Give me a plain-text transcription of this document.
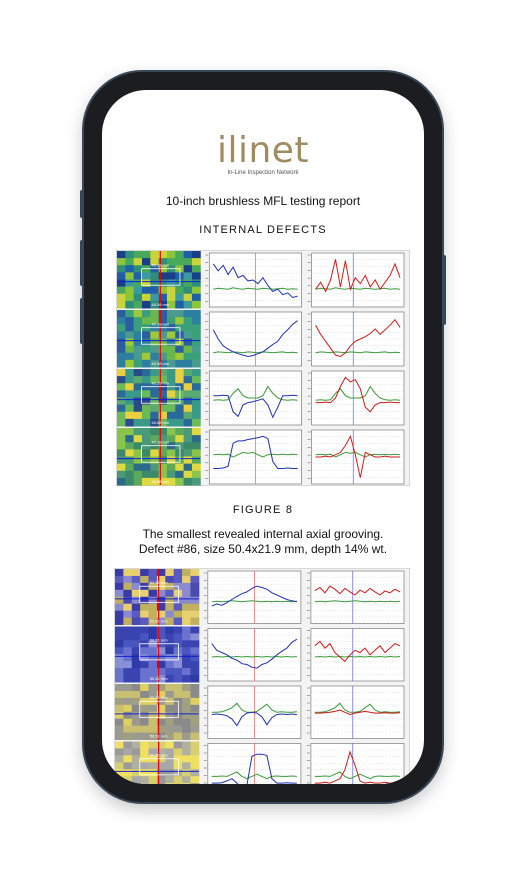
ilinet
In-Line Inspection Network
10-inch brushless MFL testing report
INTERNAL DEFECTS
40.19 mm
48.58 mm
40.19 mm
48.58 mm
40.19 mm
48.58 mm
40.19 mm
48.58 mm
FIGURE 8
The smallest revealed internal axial grooving.
Defect #86, size 50.4x21.9 mm, depth 14% wt.
50.51 mm
50.51 mm
50.51 mm
50.51 mm
50.51 mm
50.51 mm
50.51 mm
